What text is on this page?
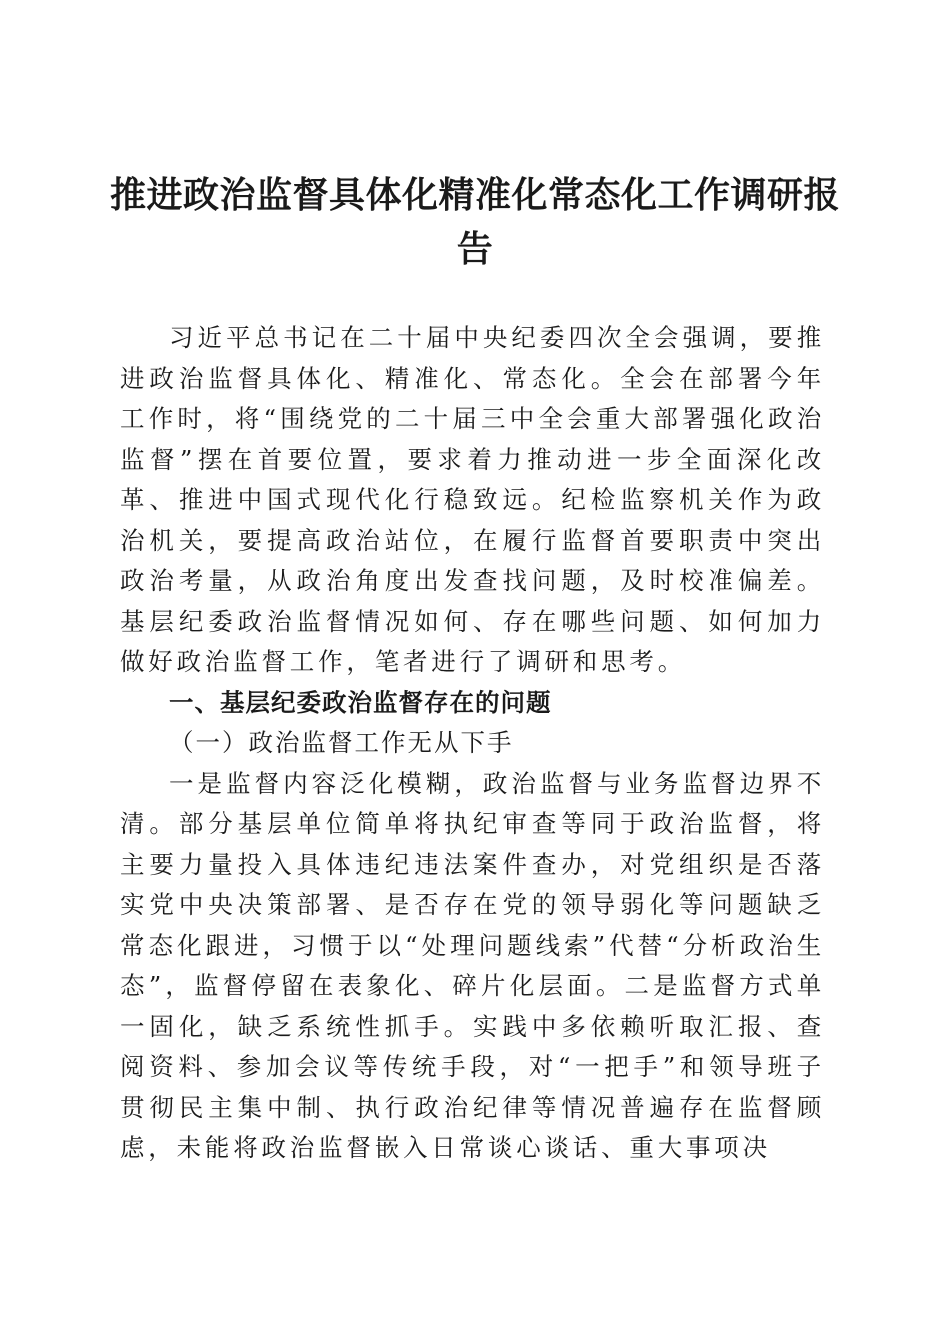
推进政治监督具体化精准化常态化工作调研报
告

习近平总书记在二十届中央纪委四次全会强调，要推进政治监督具体化、精准化、常态化。全会在部署今年工作时，将“围绕党的二十届三中全会重大部署强化政治监督”摆在首要位置，要求着力推动进一步全面深化改革、推进中国式现代化行稳致远。纪检监察机关作为政治机关，要提高政治站位，在履行监督首要职责中突出政治考量，从政治角度出发查找问题，及时校准偏差。基层纪委政治监督情况如何、存在哪些问题、如何加力做好政治监督工作，笔者进行了调研和思考。

一、基层纪委政治监督存在的问题

（一）政治监督工作无从下手

一是监督内容泛化模糊，政治监督与业务监督边界不清。部分基层单位简单将执纪审查等同于政治监督，将主要力量投入具体违纪违法案件查办，对党组织是否落实党中央决策部署、是否存在党的领导弱化等问题缺乏常态化跟进，习惯于以“处理问题线索”代替“分析政治生态”，监督停留在表象化、碎片化层面。二是监督方式单一固化，缺乏系统性抓手。实践中多依赖听取汇报、查阅资料、参加会议等传统手段，对“一把手”和领导班子贯彻民主集中制、执行政治纪律等情况普遍存在监督顾虑，未能将政治监督嵌入日常谈心谈话、重大事项决
